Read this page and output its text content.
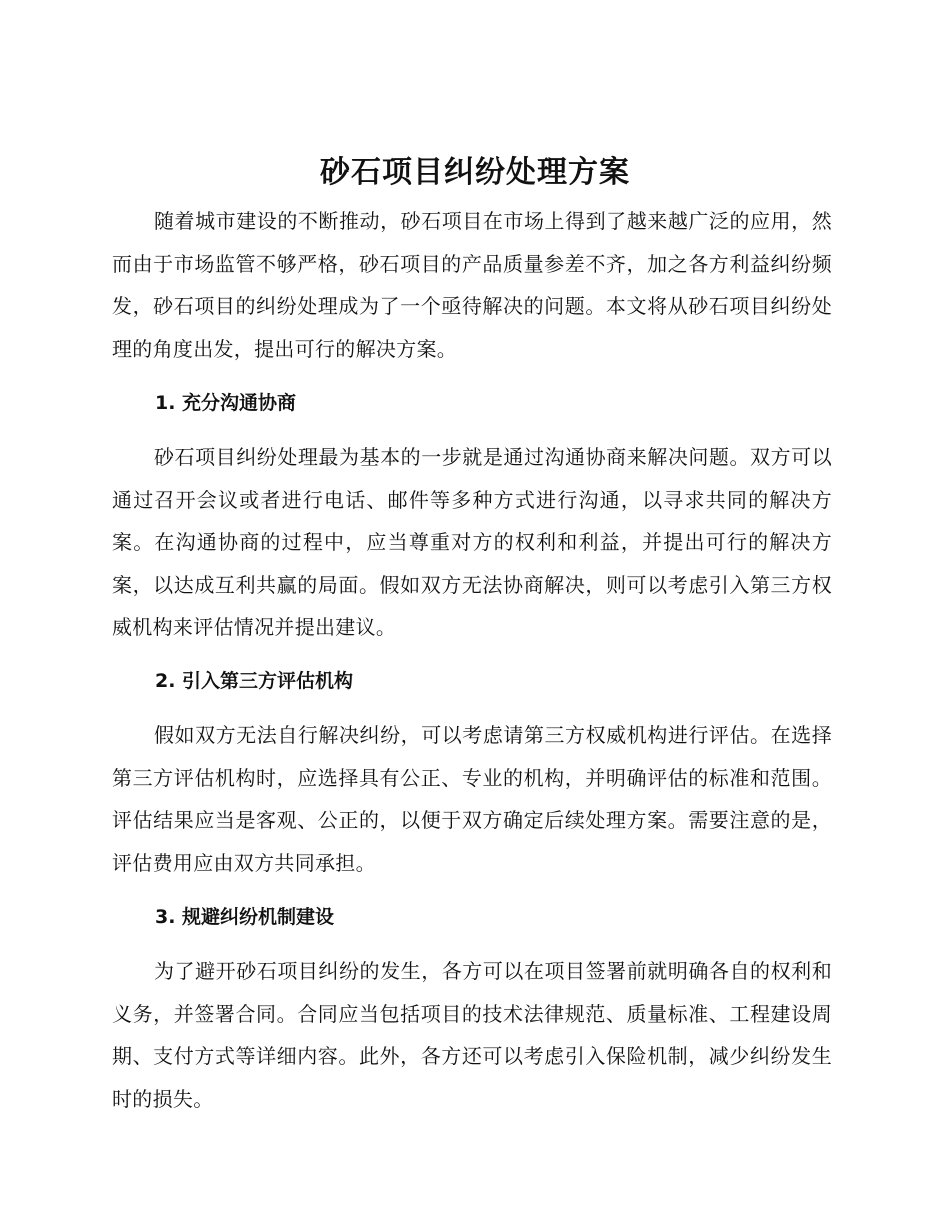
砂石项目纠纷处理方案

随着城市建设的不断推动，砂石项目在市场上得到了越来越广泛的应用，然而由于市场监管不够严格，砂石项目的产品质量参差不齐，加之各方利益纠纷频发，砂石项目的纠纷处理成为了一个亟待解决的问题。本文将从砂石项目纠纷处理的角度出发，提出可行的解决方案。

1. 充分沟通协商

砂石项目纠纷处理最为基本的一步就是通过沟通协商来解决问题。双方可以通过召开会议或者进行电话、邮件等多种方式进行沟通，以寻求共同的解决方案。在沟通协商的过程中，应当尊重对方的权利和利益，并提出可行的解决方案，以达成互利共赢的局面。假如双方无法协商解决，则可以考虑引入第三方权威机构来评估情况并提出建议。

2. 引入第三方评估机构

假如双方无法自行解决纠纷，可以考虑请第三方权威机构进行评估。在选择第三方评估机构时，应选择具有公正、专业的机构，并明确评估的标准和范围。评估结果应当是客观、公正的，以便于双方确定后续处理方案。需要注意的是，评估费用应由双方共同承担。

3. 规避纠纷机制建设

为了避开砂石项目纠纷的发生，各方可以在项目签署前就明确各自的权利和义务，并签署合同。合同应当包括项目的技术法律规范、质量标准、工程建设周期、支付方式等详细内容。此外，各方还可以考虑引入保险机制，减少纠纷发生时的损失。
